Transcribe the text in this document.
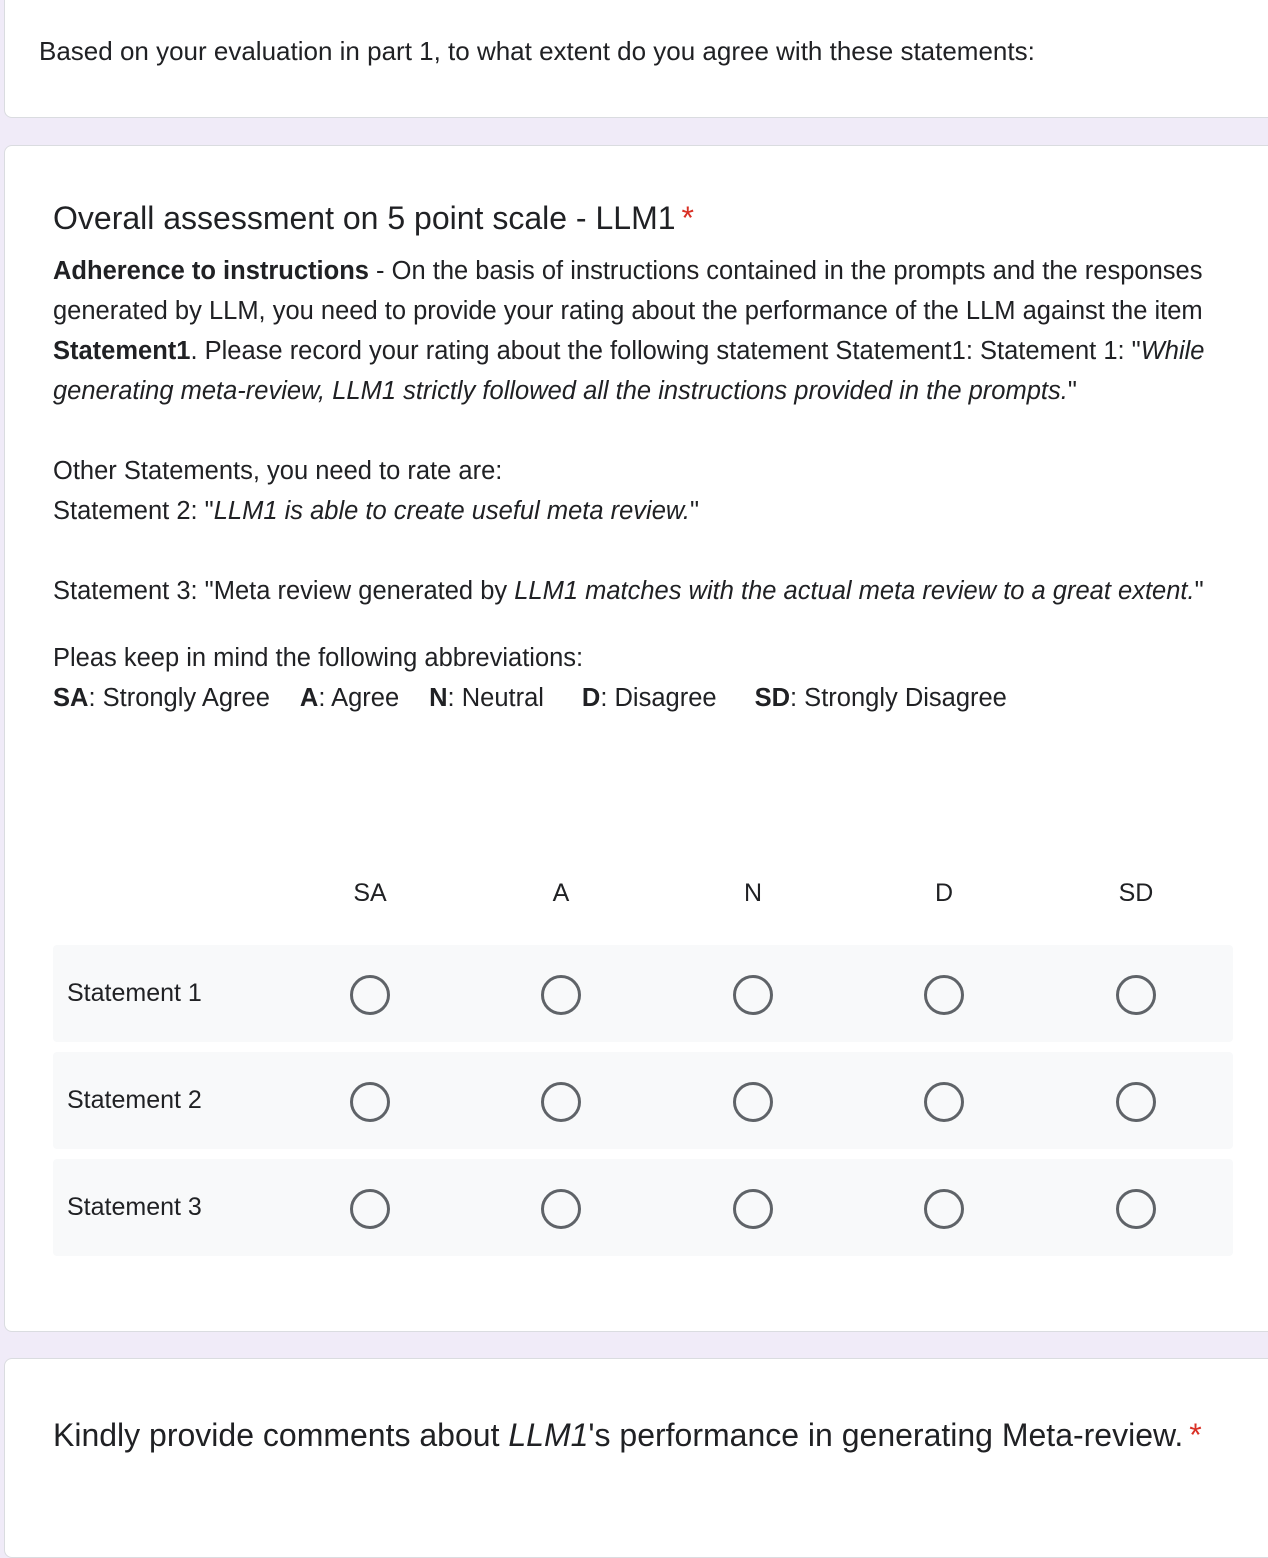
Based on your evaluation in part 1, to what extent do you agree with these statements:

Overall assessment on 5 point scale - LLM1 *

Adherence to instructions - On the basis of instructions contained in the prompts and the responses generated by LLM, you need to provide your rating about the performance of the LLM against the item Statement1. Please record your rating about the following statement Statement1: Statement 1: "While generating meta-review, LLM1 strictly followed all the instructions provided in the prompts."

Other Statements, you need to rate are:

Statement 2: "LLM1 is able to create useful meta review."

Statement 3: "Meta review generated by LLM1 matches with the actual meta review to a great extent."

Pleas keep in mind the following abbreviations:

SA: Strongly Agree A: Agree N: Neutral D: Disagree SD: Strongly Disagree

SA	A	N	D	SD
Statement 1
Statement 2
Statement 3
Kindly provide comments about LLM1's performance in generating Meta-review. *
